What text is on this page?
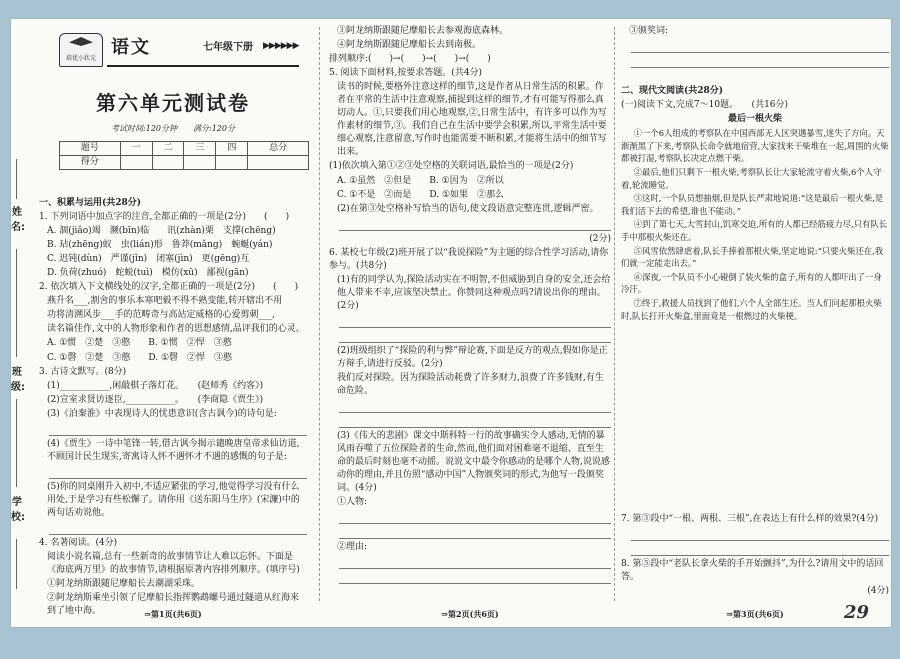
姓名:
班级:
学校:
培优小状元
语文	七年级下册 ▶▶▶▶▶▶
第六单元测试卷
考试时间:120分钟　　满分:120分
题号	一	二	三	四	总分
得分					

一、积累与运用(共28分)

1. 下列词语中加点字的注音,全都正确的一项是(2分)　　(　　)

A. 涸(jiǎo)竭　濒(bīn)临　　讯(zhàn)栗　支撑(chēng)

B. 玷(zhēng)蚁　虫(lián)形　鲁莽(mǎng)　蜿蜒(yán)

C. 迟钝(dùn)　严谨(jǐn)　闭塞(jìn)　更(gēng)互

D. 负荷(zhuó)　蛇蜕(tuì)　模仿(xū)　鄙视(gān)

2. 依次填入下文横线处的汉字,全都正确的一项是(2分)　　(　　)

燕升名___,割舍的事乐本寒吧毅不得不熟变能,转开辖出不用

功将清溯风步___手的范畴奇与高站定威格的心爱剪刺___,

读名篇佳作,文中的人物形象和作者的思想感情,品评我们的心灵。

A. ①惯　②楚　③憨　　B. ①惯　②悍　③憨

C. ①磬　②楚　③憨　　D. ①磬　②悍　③憨

3. 古诗文默写。(8分)

(1)___________,闲敲棋子落灯花。　　(赵师秀《约客》)

(2)宣室求贤访逐臣,___________。　　(李商隐《贾生》)

(3)《泊秦淮》中表现诗人的忧患意识(含古讽今)的诗句是:

(4)《贾生》一诗中笔锋一转,借古讽今揭示谴晚唐皇帝求仙访道,不顾国计民生现实,寄寓诗人怀不遇怀才不遇的感慨的句子是:

(5)你的同桌刚升入初中,不适应紧张的学习,他觉得学习没有什么用处,于是学习有些松懈了。请你用《送东阳马生序》(宋濂)中的两句话劝说他。

4. 名著阅读。(4分)

阅读小说名篇,总有一些新奇的故事情节让人难以忘怀。下面是《海底两万里》的故事情节,请根据原著内容排列顺序。(填序号)

①阿龙纳斯跟随尼摩船长去潮湖采珠。

②阿龙纳斯乘坐引领了尼摩船长指挥鹦鹉螺号通过隧道从红海来到了地中海。	⇒第1页(共6页)

③阿龙纳斯跟随尼摩船长去参观海底森林。

④阿龙纳斯跟随尼摩船长去到南极。

排列顺序:(　　)→(　　)→(　　)→(　　)

5. 阅读下面材料,按要求答题。(共4分)

读书的时候,要格外注意这样的细节,这是作者从日常生活的积累。作者在平常的生活中注意观察,捕捉到这样的细节,才有可能写得那么真切动人。①,只要我们用心地观察,②,日常生活中，有许多可以作为写作素材的细节,③。我们自己在生活中要学会积累,所以,平常生活中要细心观察,注意留意,写作时也能需要不断积累,才能将生活中的细节写出来。

(1)依次填入第①②③处空格的关联词语,最恰当的一项是(2分)

A. ①虽然　②但是　　B. ①因为　②所以

C. ①不是　②而是　　D. ①如果　②那么

(2)在第③处空格补写恰当的语句,使文段语意完整连贯,逻辑严密。

(2分)

6. 某校七年级(2)班开展了以“我说探险”为主题的综合性学习活动,请你参与。(共8分)

(1)有的同学认为,探险活动实在不明智,不但威胁到自身的安全,还会给他人带来不幸,应该坚决禁止。你赞同这种观点吗?请说出你的理由。(2分)

(2)班级组织了“探险的利与弊”辩论赛,下面是反方的观点,假如你是正方辩手,请进行反驳。(2分)

我们反对探险。因为探险活动耗费了许多财力,浪费了许多钱财,有生命危险。

(3)《伟大的悲剧》课文中斯科特一行的故事确实令人感动,无情的暴风雨吞噬了五位探险者的生命,然而,他们面对困难毫不退缩、直至生命的最后时刻也毫不动摇。说说文中最令你感动的是哪个人物,说说感动你的理由,并且仿照“感动中国”人物颁奖词的形式,为他写一段颁奖词。(4分)

①人物:

②理由:

⇒第2页(共6页)

③颁奖词:

二、现代文阅读(共28分)

(一)阅读下文,完成7～10题。　　(共16分)

最后一根火柴

①一个6人组成的考察队在中国西部无人区突遇暴雪,迷失了方向。天渐渐黑了下来,考察队长命令就地宿营,大家找来干柴堆在一起,周围的火柴都被打湿,考察队长决定点燃干柴。

②最后,他们只剩下一根火柴,考察队长让大家轮流守着火柴,6个人守着,轮流睡觉。

③这时,一个队员想抽烟,但是队长严肃地说道:“这是最后一根火柴,是我们活下去的希望,谁也不能动。”

④到了第七天,大雪封山,饥寒交迫,所有的人都已经筋疲力尽,只有队长手中那根火柴还在。

⑤风雪依然肆虐着,队长手捧着那根火柴,坚定地说:“只要火柴还在,我们就一定能走出去。”

⑥深夜,一个队员不小心碰倒了装火柴的盒子,所有的人都吓出了一身冷汗。

⑦终于,救援人员找到了他们,六个人全部生还。当人们问起那根火柴时,队长打开火柴盒,里面竟是一根燃过的火柴梗。

7. 第③段中“一根、两根、三根”,在表达上有什么样的效果?(4分)

8. 第⑤段中“老队长拿火柴的手开始颤抖”,为什么?请用文中的话回答。

(4分)

⇒第3页(共6页)	29
